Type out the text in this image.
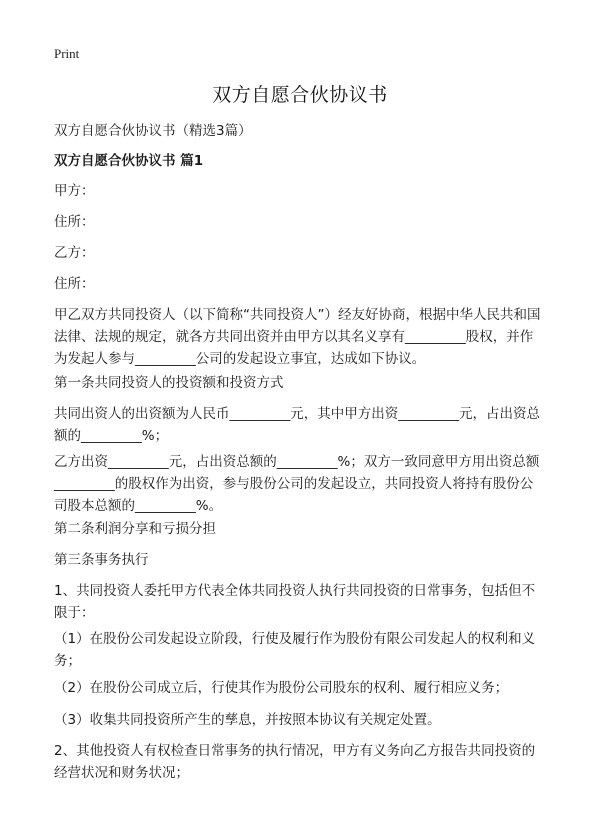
Print
双方自愿合伙协议书
双方自愿合伙协议书（精选3篇）
双方自愿合伙协议书 篇1
甲方：
住所：
乙方：
住所：
甲乙双方共同投资人（以下简称“共同投资人”）经友好协商，根据中华人民共和国
法律、法规的规定，就各方共同出资并由甲方以其名义享有_________股权，并作
为发起人参与_________公司的发起设立事宜，达成如下协议。
第一条共同投资人的投资额和投资方式
共同出资人的出资额为人民币_________元，其中甲方出资_________元，占出资总
额的_________%；
乙方出资_________元，占出资总额的_________%；双方一致同意甲方用出资总额
_________的股权作为出资，参与股份公司的发起设立，共同投资人将持有股份公
司股本总额的_________%。
第二条利润分享和亏损分担
第三条事务执行
1、共同投资人委托甲方代表全体共同投资人执行共同投资的日常事务，包括但不
限于：
（1）在股份公司发起设立阶段，行使及履行作为股份有限公司发起人的权利和义
务；
（2）在股份公司成立后，行使其作为股份公司股东的权利、履行相应义务；
（3）收集共同投资所产生的孳息，并按照本协议有关规定处置。
2、其他投资人有权检查日常事务的执行情况，甲方有义务向乙方报告共同投资的
经营状况和财务状况；
